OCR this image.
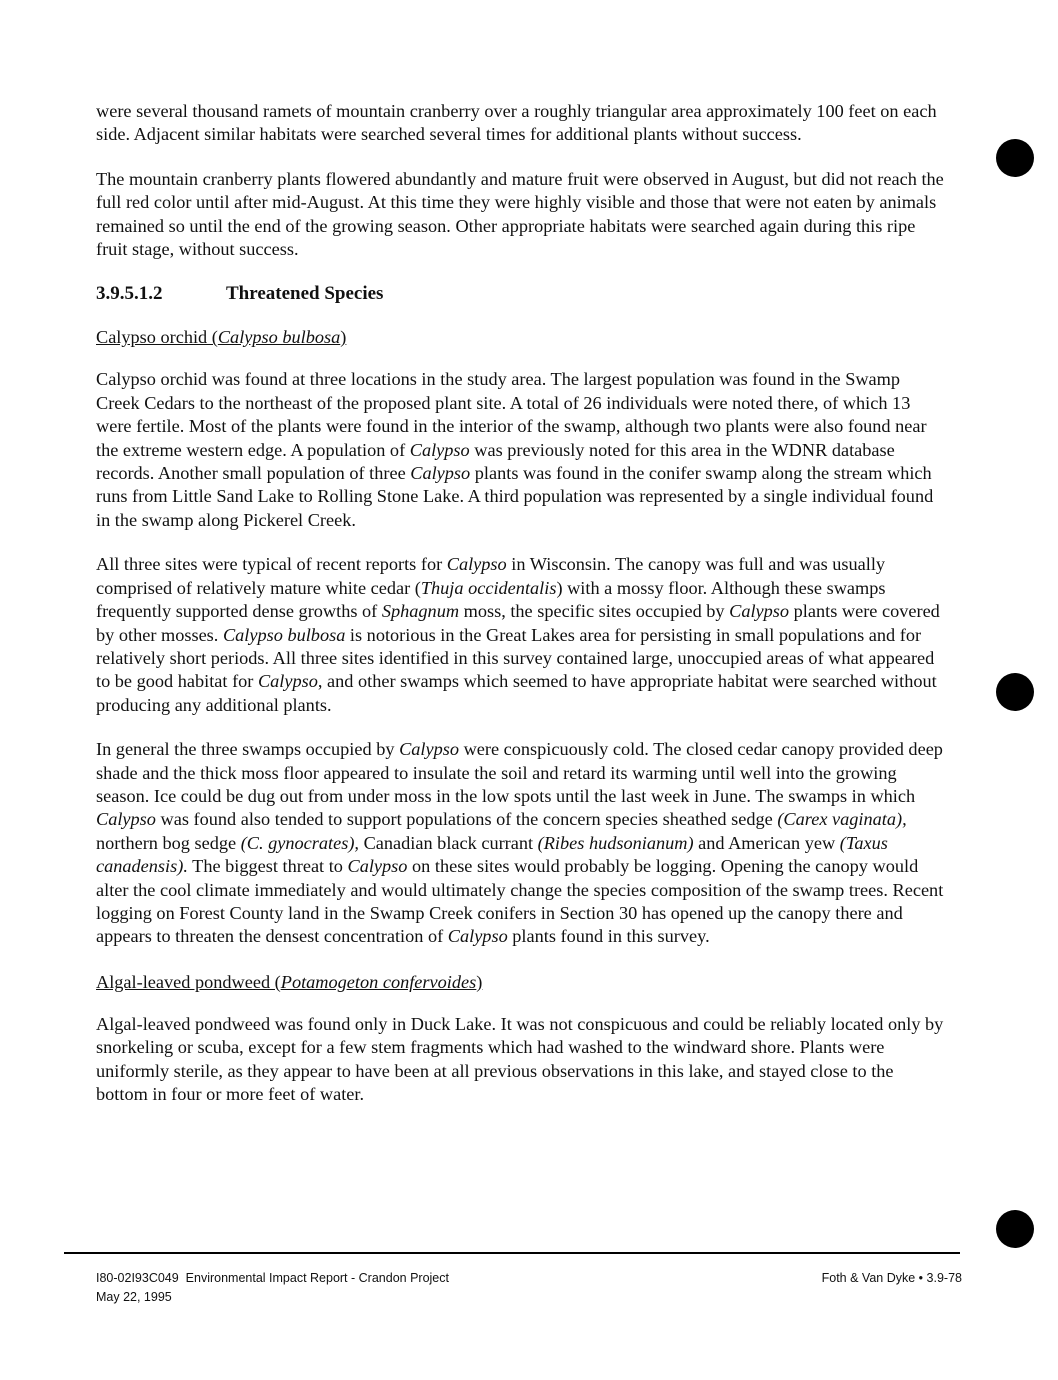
were several thousand ramets of mountain cranberry over a roughly triangular area approximately 100 feet on each side. Adjacent similar habitats were searched several times for additional plants without success.

The mountain cranberry plants flowered abundantly and mature fruit were observed in August, but did not reach the full red color until after mid-August. At this time they were highly visible and those that were not eaten by animals remained so until the end of the growing season. Other appropriate habitats were searched again during this ripe fruit stage, without success.

3.9.5.1.2	Threatened Species
Calypso orchid (Calypso bulbosa)

Calypso orchid was found at three locations in the study area. The largest population was found in the Swamp Creek Cedars to the northeast of the proposed plant site. A total of 26 individuals were noted there, of which 13 were fertile. Most of the plants were found in the interior of the swamp, although two plants were also found near the extreme western edge. A population of Calypso was previously noted for this area in the WDNR database records. Another small population of three Calypso plants was found in the conifer swamp along the stream which runs from Little Sand Lake to Rolling Stone Lake. A third population was represented by a single individual found in the swamp along Pickerel Creek.

All three sites were typical of recent reports for Calypso in Wisconsin. The canopy was full and was usually comprised of relatively mature white cedar (Thuja occidentalis) with a mossy floor. Although these swamps frequently supported dense growths of Sphagnum moss, the specific sites occupied by Calypso plants were covered by other mosses. Calypso bulbosa is notorious in the Great Lakes area for persisting in small populations and for relatively short periods. All three sites identified in this survey contained large, unoccupied areas of what appeared to be good habitat for Calypso, and other swamps which seemed to have appropriate habitat were searched without producing any additional plants.

In general the three swamps occupied by Calypso were conspicuously cold. The closed cedar canopy provided deep shade and the thick moss floor appeared to insulate the soil and retard its warming until well into the growing season. Ice could be dug out from under moss in the low spots until the last week in June. The swamps in which Calypso was found also tended to support populations of the concern species sheathed sedge (Carex vaginata), northern bog sedge (C. gynocrates), Canadian black currant (Ribes hudsonianum) and American yew (Taxus canadensis). The biggest threat to Calypso on these sites would probably be logging. Opening the canopy would alter the cool climate immediately and would ultimately change the species composition of the swamp trees. Recent logging on Forest County land in the Swamp Creek conifers in Section 30 has opened up the canopy there and appears to threaten the densest concentration of Calypso plants found in this survey.

Algal-leaved pondweed (Potamogeton confervoides)

Algal-leaved pondweed was found only in Duck Lake. It was not conspicuous and could be reliably located only by snorkeling or scuba, except for a few stem fragments which had washed to the windward shore. Plants were uniformly sterile, as they appear to have been at all previous observations in this lake, and stayed close to the bottom in four or more feet of water.

I80-02I93C049 Environmental Impact Report - Crandon Project
May 22, 1995
Foth & Van Dyke • 3.9-78
